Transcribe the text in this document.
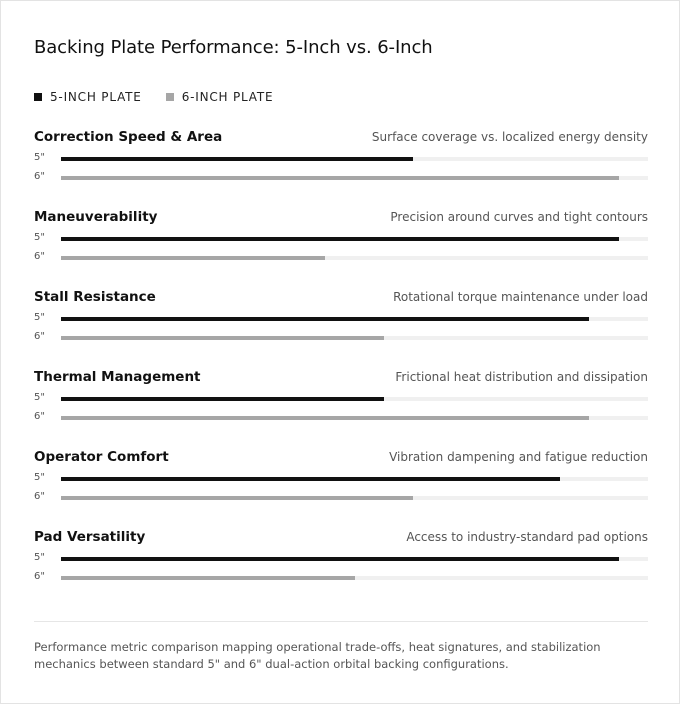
Backing Plate Performance: 5-Inch vs. 6-Inch
5-INCH PLATE	6-INCH PLATE
Correction Speed & Area	Surface coverage vs. localized energy density
5"
6"
Maneuverability	Precision around curves and tight contours
5"
6"
Stall Resistance	Rotational torque maintenance under load
5"
6"
Thermal Management	Frictional heat distribution and dissipation
5"
6"
Operator Comfort	Vibration dampening and fatigue reduction
5"
6"
Pad Versatility	Access to industry-standard pad options
5"
6"

Performance metric comparison mapping operational trade-offs, heat signatures, and stabilization mechanics between standard 5" and 6" dual-action orbital backing configurations.
